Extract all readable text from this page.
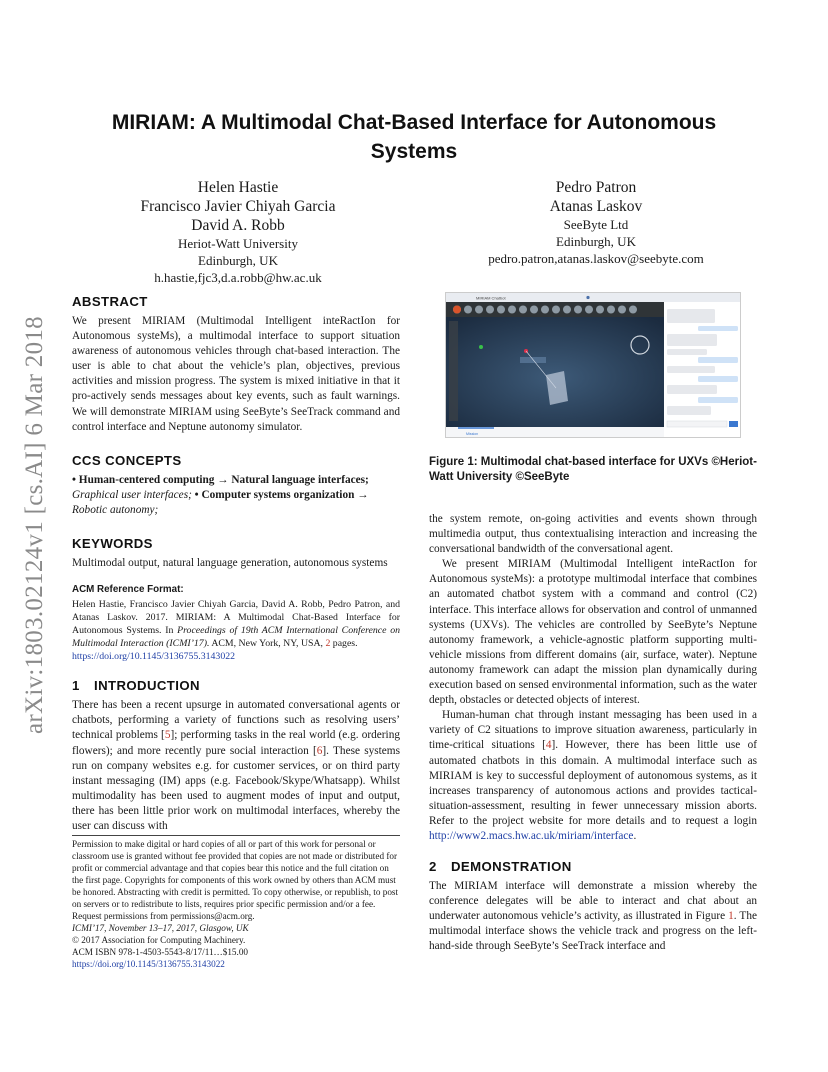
MIRIAM: A Multimodal Chat-Based Interface for Autonomous Systems
Helen Hastie
Francisco Javier Chiyah Garcia
David A. Robb
Heriot-Watt University
Edinburgh, UK
h.hastie,fjc3,d.a.robb@hw.ac.uk
Pedro Patron
Atanas Laskov
SeeByte Ltd
Edinburgh, UK
pedro.patron,atanas.laskov@seebyte.com
arXiv:1803.02124v1 [cs.AI] 6 Mar 2018
ABSTRACT

We present MIRIAM (Multimodal Intelligent inteRactIon for Autonomous systeMs), a multimodal interface to support situation awareness of autonomous vehicles through chat-based interaction. The user is able to chat about the vehicle’s plan, objectives, previous activities and mission progress. The system is mixed initiative in that it pro-actively sends messages about key events, such as fault warnings. We will demonstrate MIRIAM using SeeByte’s SeeTrack command and control interface and Neptune autonomy simulator.

CCS CONCEPTS

• Human-centered computing → Natural language interfaces; Graphical user interfaces; • Computer systems organization → Robotic autonomy;

KEYWORDS

Multimodal output, natural language generation, autonomous systems

ACM Reference Format:

Helen Hastie, Francisco Javier Chiyah Garcia, David A. Robb, Pedro Patron, and Atanas Laskov. 2017. MIRIAM: A Multimodal Chat-Based Interface for Autonomous Systems. In Proceedings of 19th ACM International Conference on Multimodal Interaction (ICMI’17). ACM, New York, NY, USA, 2 pages.
https://doi.org/10.1145/3136755.3143022

1 INTRODUCTION

There has been a recent upsurge in automated conversational agents or chatbots, performing a variety of functions such as resolving users’ technical problems [5]; performing tasks in the real world (e.g. ordering flowers); and more recently pure social interaction [6]. These systems run on company websites e.g. for customer services, or on third party instant messaging (IM) apps (e.g. Facebook/Skype/Whatsapp). Whilst multimodality has been used to augment modes of input and output, there has been little prior work on multimodal interfaces, whereby the user can discuss with

Permission to make digital or hard copies of all or part of this work for personal or classroom use is granted without fee provided that copies are not made or distributed for profit or commercial advantage and that copies bear this notice and the full citation on the first page. Copyrights for components of this work owned by others than ACM must be honored. Abstracting with credit is permitted. To copy otherwise, or republish, to post on servers or to redistribute to lists, requires prior specific permission and/or a fee. Request permissions from permissions@acm.org.

ICMI’17, November 13–17, 2017, Glasgow, UK

© 2017 Association for Computing Machinery.

ACM ISBN 978-1-4503-5543-8/17/11…$15.00

https://doi.org/10.1145/3136755.3143022

MIRIAM Chatbot
Mission
Figure 1: Multimodal chat-based interface for UXVs ©Heriot-Watt University ©SeeByte

the system remote, on-going activities and events shown through multimedia output, thus contextualising interaction and increasing the conversational bandwidth of the conversational agent.

We present MIRIAM (Multimodal Intelligent inteRactIon for Autonomous systeMs): a prototype multimodal interface that combines an automated chatbot system with a command and control (C2) interface. This interface allows for observation and control of unmanned systems (UXVs). The vehicles are controlled by SeeByte’s Neptune autonomy framework, a vehicle-agnostic platform supporting multi-vehicle missions from different domains (air, surface, water). Neptune autonomy framework can adapt the mission plan dynamically during execution based on sensed environmental information, such as the water depth, obstacles or detected objects of interest.

Human-human chat through instant messaging has been used in a variety of C2 situations to improve situation awareness, particularly in time-critical situations [4]. However, there has been little use of automated chatbots in this domain. A multimodal interface such as MIRIAM is key to successful deployment of autonomous systems, as it increases transparency of autonomous actions and provides tactical-situation-assessment, resulting in fewer unnecessary mission aborts. Refer to the project website for more details and to request a login http://www2.macs.hw.ac.uk/miriam/interface.

2 DEMONSTRATION

The MIRIAM interface will demonstrate a mission whereby the conference delegates will be able to interact and chat about an underwater autonomous vehicle’s activity, as illustrated in Figure 1. The multimodal interface shows the vehicle track and progress on the left-hand-side through SeeByte’s SeeTrack interface and
